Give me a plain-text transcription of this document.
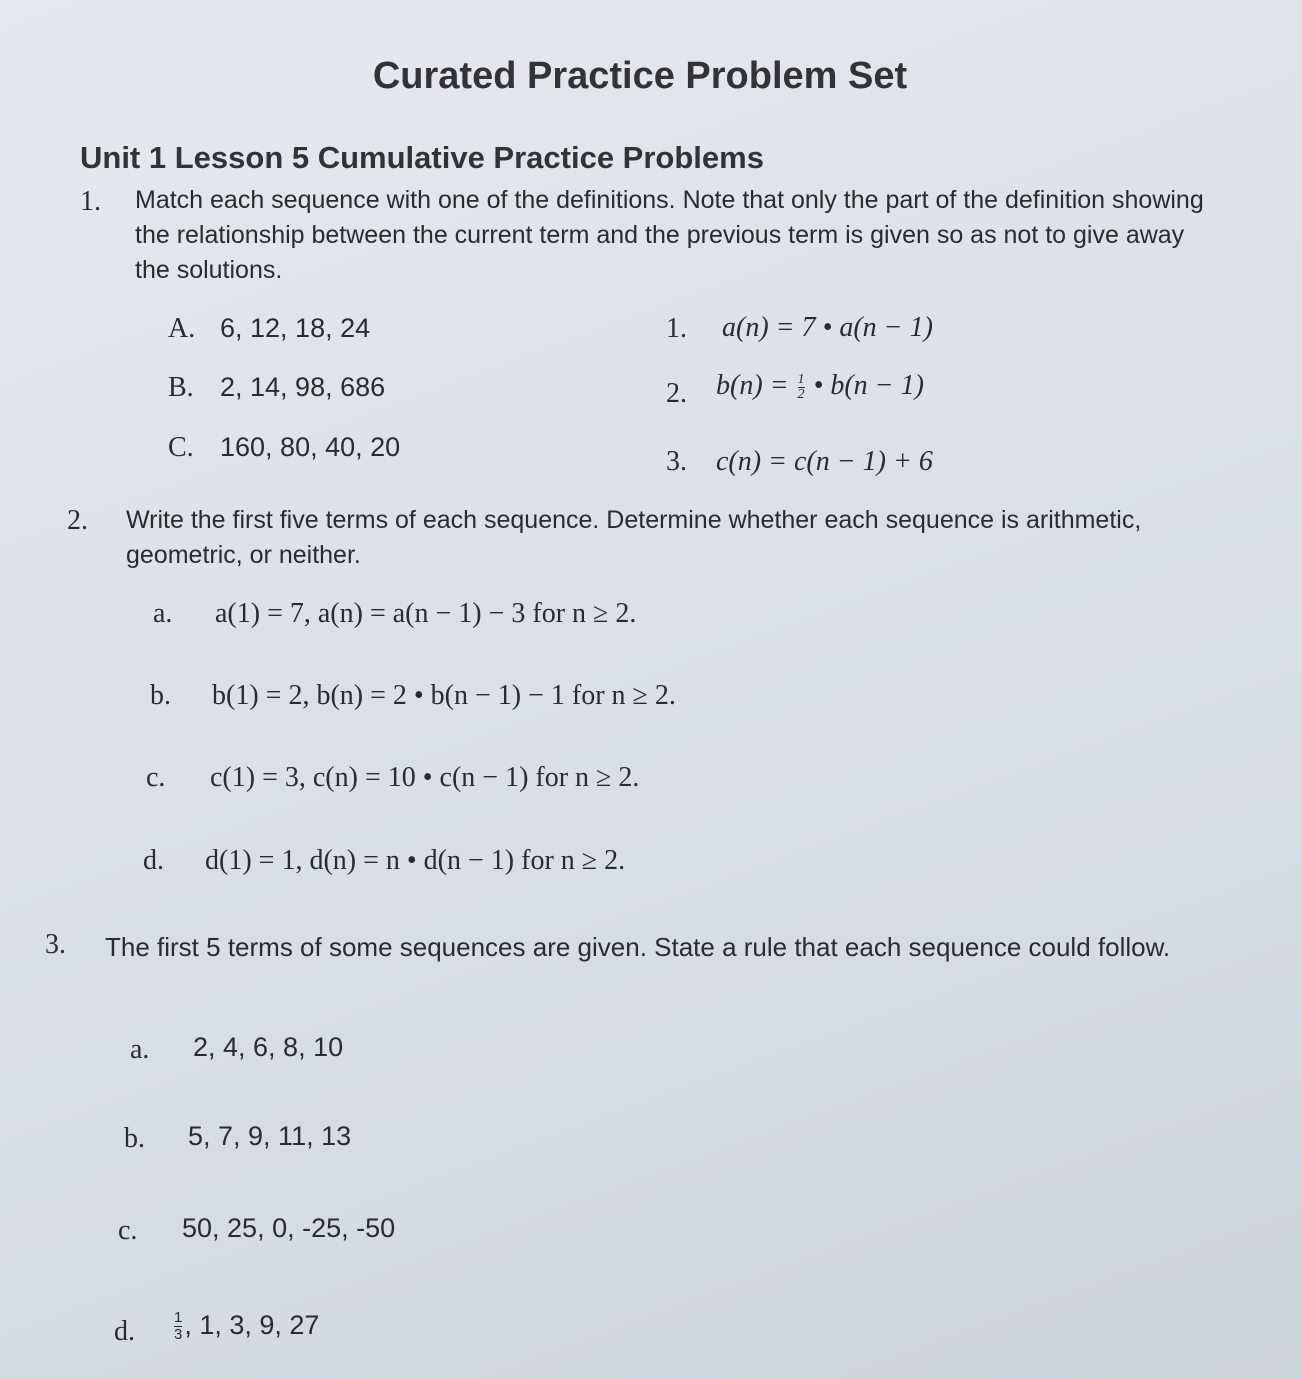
Curated Practice Problem Set
Unit 1 Lesson 5 Cumulative Practice Problems
1. Match each sequence with one of the definitions. Note that only the part of the definition showing the relationship between the current term and the previous term is given so as not to give away the solutions.
A. 6, 12, 18, 24
B. 2, 14, 98, 686
C. 160, 80, 40, 20
1. a(n) = 7 • a(n − 1)
2. $b(n) = \frac{1}{2}$ • b(n − 1)
3. c(n) = c(n − 1) + 6
2. Write the first five terms of each sequence. Determine whether each sequence is arithmetic, geometric, or neither.
a. a(1) = 7, a(n) = a(n − 1) − 3 for n ≥ 2.
b. b(1) = 2, b(n) = 2 • b(n − 1) − 1 for n ≥ 2.
c. c(1) = 3, c(n) = 10 • c(n − 1) for n ≥ 2.
d. d(1) = 1, d(n) = n • d(n − 1) for n ≥ 2.
3. The first 5 terms of some sequences are given. State a rule that each sequence could follow.
a. 2, 4, 6, 8, 10
b. 5, 7, 9, 11, 13
c. 50, 25, 0, -25, -50
d.	$\frac{1}{3}$ , 1, 3, 9, 27
